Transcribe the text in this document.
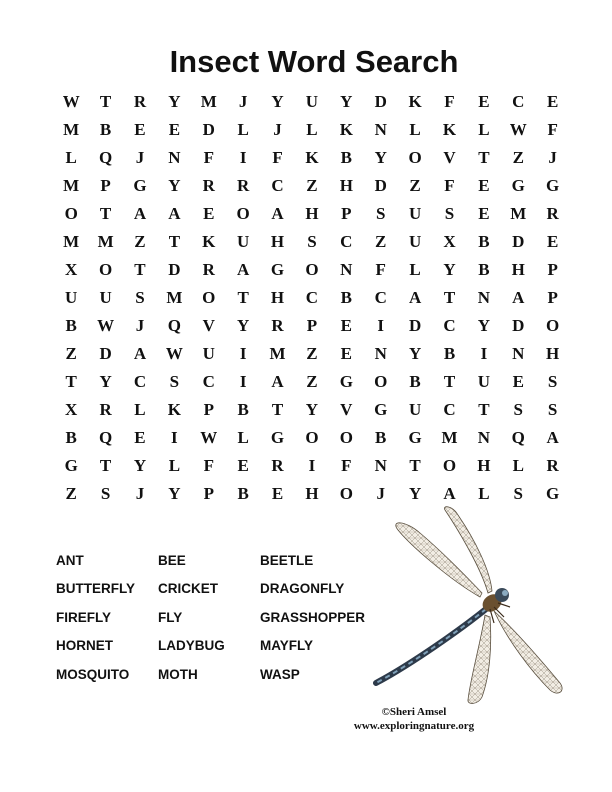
Insect Word Search
W	T	R	Y	M	J	Y	U	Y	D	K	F	E	C	E
M	B	E	E	D	L	J	L	K	N	L	K	L	W	F
L	Q	J	N	F	I	F	K	B	Y	O	V	T	Z	J
M	P	G	Y	R	R	C	Z	H	D	Z	F	E	G	G
O	T	A	A	E	O	A	H	P	S	U	S	E	M	R
M	M	Z	T	K	U	H	S	C	Z	U	X	B	D	E
X	O	T	D	R	A	G	O	N	F	L	Y	B	H	P
U	U	S	M	O	T	H	C	B	C	A	T	N	A	P
B	W	J	Q	V	Y	R	P	E	I	D	C	Y	D	O
Z	D	A	W	U	I	M	Z	E	N	Y	B	I	N	H
T	Y	C	S	C	I	A	Z	G	O	B	T	U	E	S
X	R	L	K	P	B	T	Y	V	G	U	C	T	S	S
B	Q	E	I	W	L	G	O	O	B	G	M	N	Q	A
G	T	Y	L	F	E	R	I	F	N	T	O	H	L	R
Z	S	J	Y	P	B	E	H	O	J	Y	A	L	S	G
ANT	BEE	BEETLE
BUTTERFLY	CRICKET	DRAGONFLY
FIREFLY	FLY	GRASSHOPPER
HORNET	LADYBUG	MAYFLY
MOSQUITO	MOTH	WASP
©Sheri Amsel
www.exploringnature.org
